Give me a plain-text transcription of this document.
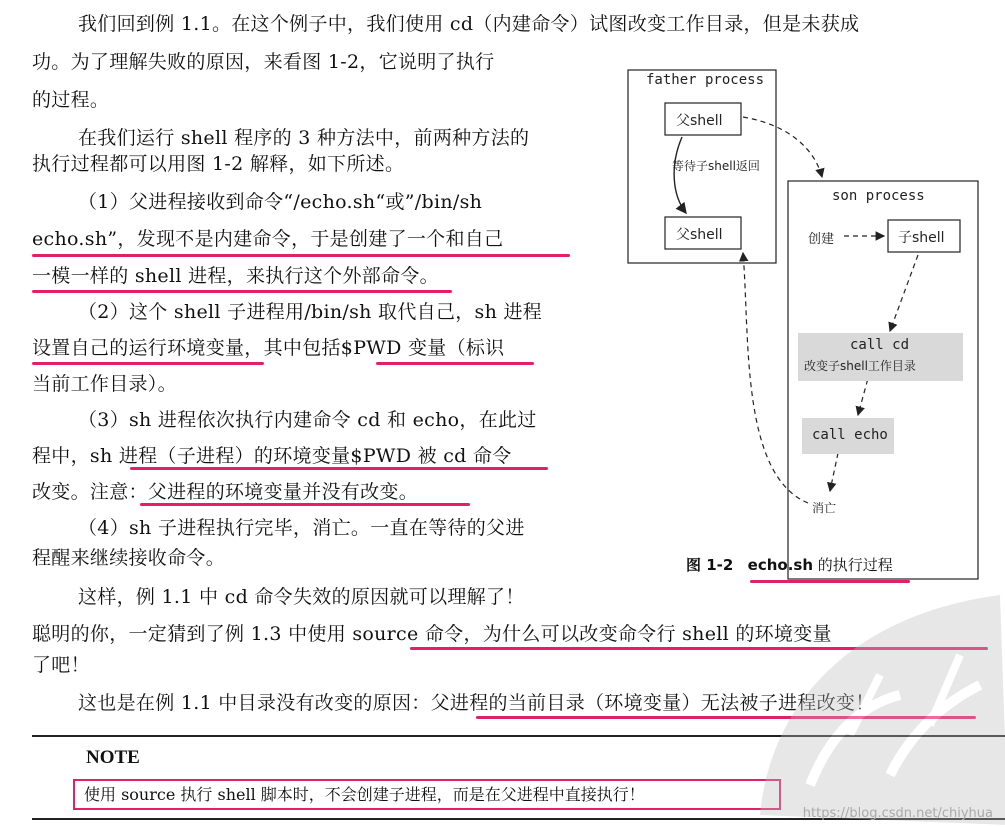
我们回到例 1.1。在这个例子中，我们使用 cd（内建命令）试图改变工作目录，但是未获成

功。为了理解失败的原因，来看图 1-2，它说明了执行

的过程。

在我们运行 shell 程序的 3 种方法中，前两种方法的

执行过程都可以用图 1-2 解释，如下所述。

（1）父进程接收到命令“/echo.sh“或”/bin/sh

echo.sh”，发现不是内建命令，于是创建了一个和自己

一模一样的 shell 进程，来执行这个外部命令。

（2）这个 shell 子进程用/bin/sh 取代自己，sh 进程

设置自己的运行环境变量，其中包括$PWD 变量（标识

当前工作目录）。

（3）sh 进程依次执行内建命令 cd 和 echo，在此过

程中，sh 进程（子进程）的环境变量$PWD 被 cd 命令

改变。注意：父进程的环境变量并没有改变。

（4）sh 子进程执行完毕，消亡。一直在等待的父进

程醒来继续接收命令。

这样，例 1.1 中 cd 命令失效的原因就可以理解了！

聪明的你，一定猜到了例 1.3 中使用 source 命令，为什么可以改变命令行 shell 的环境变量

了吧！

这也是在例 1.1 中目录没有改变的原因：父进程的当前目录（环境变量）无法被子进程改变！

father process

父shell

等待子shell返回

父shell

son process

创建	子shell

call cd

改变子shell工作目录

call echo

消亡

图 1-2 echo.sh 的执行过程

NOTE

使用 source 执行 shell 脚本时，不会创建子进程，而是在父进程中直接执行！

https://blog.csdn.net/chiyhua
